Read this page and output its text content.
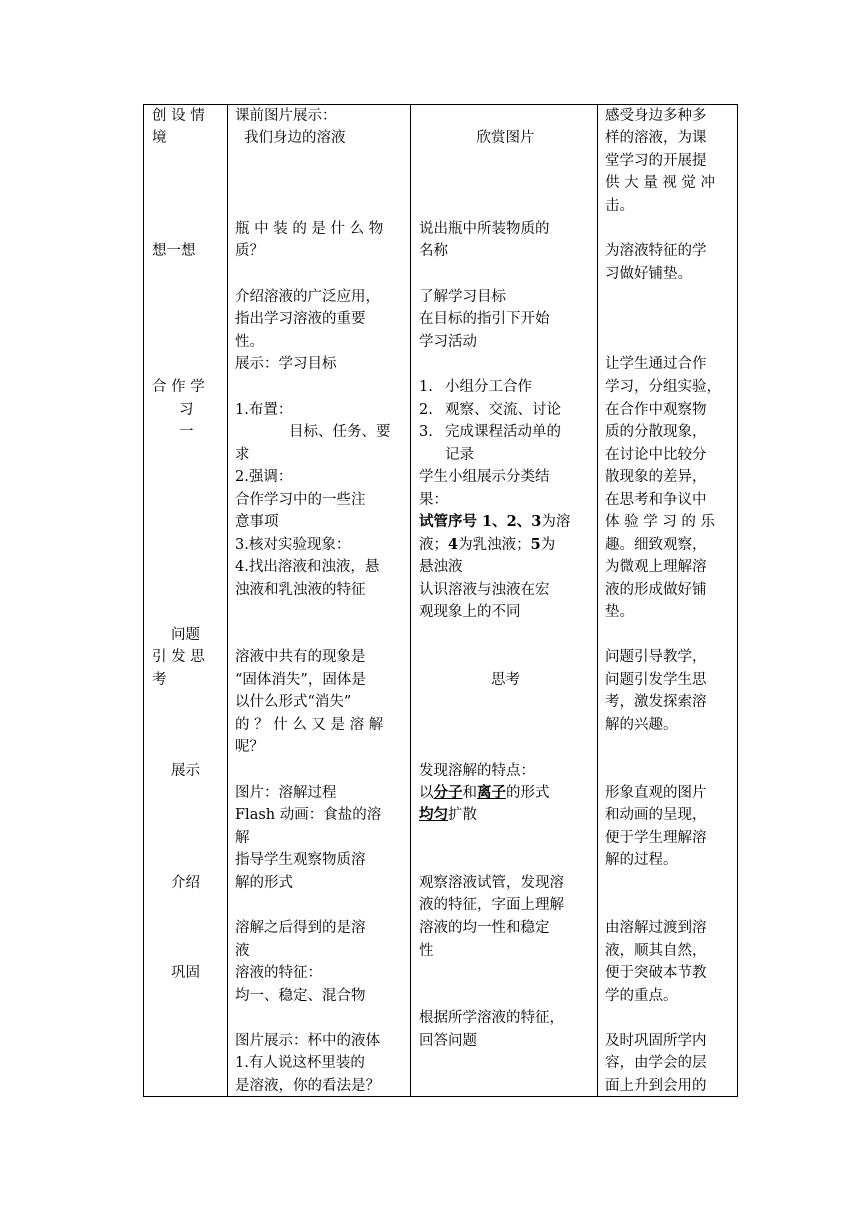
创 设 情
境
想一想
合 作 学
习
一
问题
引 发 思
考
展示
介绍
巩固
课前图片展示：
我们身边的溶液
瓶 中 装 的 是 什 么 物
质？
介绍溶液的广泛应用，
指出学习溶液的重要
性。
展示：学习目标
1.布置：
目标、任务、要
求
2.强调：
合作学习中的一些注
意事项
3.核对实验现象：
4.找出溶液和浊液，悬
浊液和乳浊液的特征
溶液中共有的现象是
“固体消失”，固体是
以什么形式“消失”
的 ？ 什 么 又 是 溶 解
呢？
图片：溶解过程
Flash 动画：食盐的溶
解
指导学生观察物质溶
解的形式
溶解之后得到的是溶
液
溶液的特征：
均一、稳定、混合物
图片展示：杯中的液体
1.有人说这杯里装的
是溶液，你的看法是？
欣赏图片
说出瓶中所装物质的
名称
了解学习目标
在目标的指引下开始
学习活动
1. 小组分工合作
2. 观察、交流、讨论
3. 完成课程活动单的
记录
学生小组展示分类结
果：
试管序号 1、2、3为溶
液；4为乳浊液；5为
悬浊液
认识溶液与浊液在宏
观现象上的不同
思考
发现溶解的特点：
以分子和离子的形式
均匀扩散
观察溶液试管，发现溶
液的特征，字面上理解
溶液的均一性和稳定
性
根据所学溶液的特征，
回答问题
感受身边多种多
样的溶液，为课
堂学习的开展提
供 大 量 视 觉 冲
击。
为溶液特征的学
习做好铺垫。
让学生通过合作
学习，分组实验，
在合作中观察物
质的分散现象，
在讨论中比较分
散现象的差异，
在思考和争议中
体 验 学 习 的 乐
趣。细致观察，
为微观上理解溶
液的形成做好铺
垫。
问题引导教学，
问题引发学生思
考，激发探索溶
解的兴趣。
形象直观的图片
和动画的呈现，
便于学生理解溶
解的过程。
由溶解过渡到溶
液，顺其自然，
便于突破本节教
学的重点。
及时巩固所学内
容，由学会的层
面上升到会用的
